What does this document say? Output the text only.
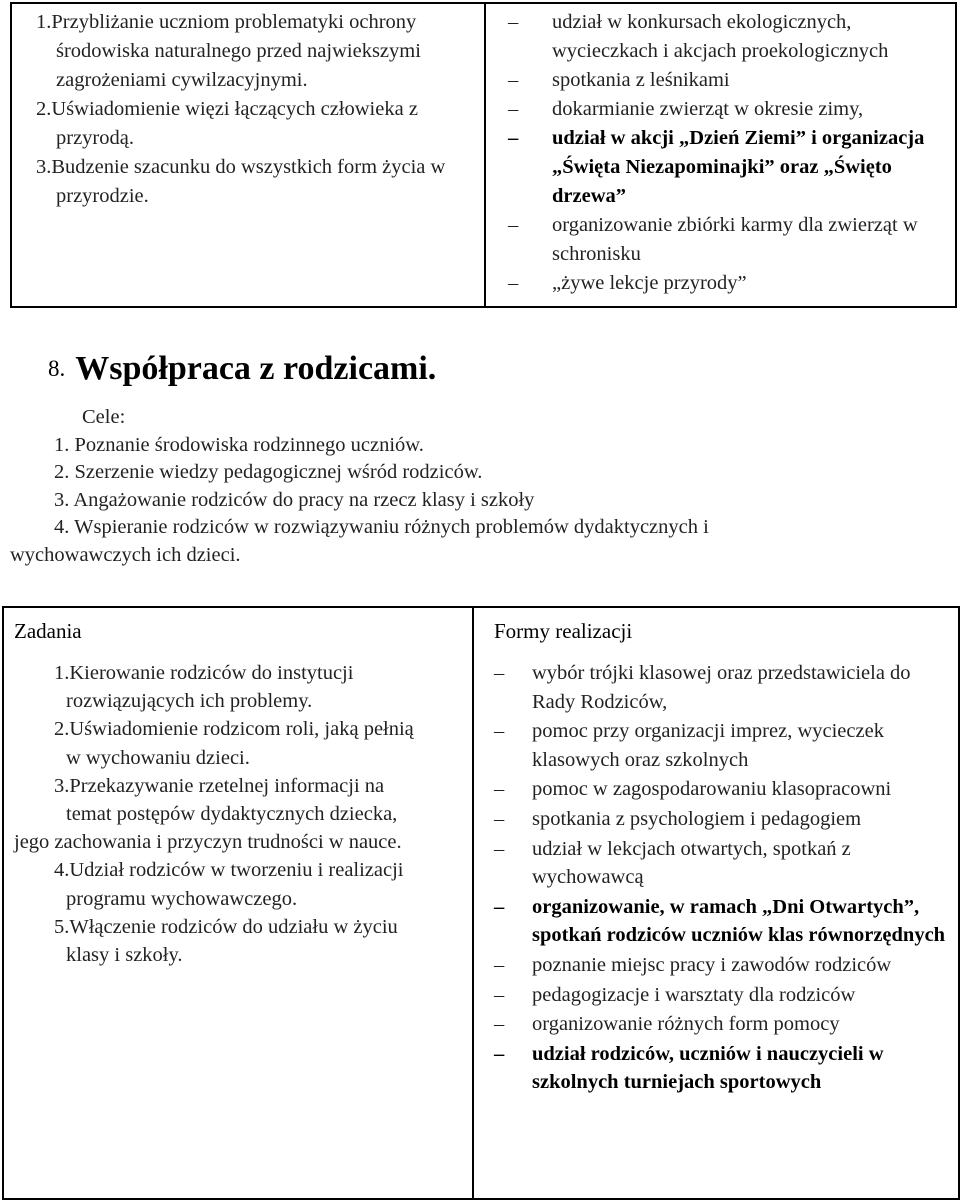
1.Przybliżanie uczniom problematyki ochrony środowiska naturalnego przed najwiekszymi zagrożeniami cywilzacyjnymi.
2.Uświadomienie więzi łączących człowieka z przyrodą.
3.Budzenie szacunku do wszystkich form życia w przyrodzie.

–	udział w konkursach ekologicznych, wycieczkach i akcjach proekologicznych
–	spotkania z leśnikami
–	dokarmianie zwierząt w okresie zimy,
–	udział w akcji „Dzień Ziemi” i organizacja „Święta Niezapominajki” oraz „Święto drzewa”
–	organizowanie zbiórki karmy dla zwierząt w schronisku
–	„żywe lekcje przyrody”
8. Współpraca z rodzicami.
Cele:
1. Poznanie środowiska rodzinnego uczniów.
2. Szerzenie wiedzy pedagogicznej wśród rodziców.
3. Angażowanie rodziców do pracy na rzecz klasy i szkoły
4. Wspieranie rodziców w rozwiązywaniu różnych problemów dydaktycznych i
wychowawczych ich dzieci.
Zadania
1.Kierowanie rodziców do instytucji
rozwiązujących ich problemy.
2.Uświadomienie rodzicom roli, jaką pełnią
w wychowaniu dzieci.
3.Przekazywanie rzetelnej informacji na
temat postępów dydaktycznych dziecka,
jego zachowania i przyczyn trudności w nauce.
4.Udział rodziców w tworzeniu i realizacji
programu wychowawczego.
5.Włączenie rodziców do udziału w życiu
klasy i szkoły.

Formy realizacji
–	wybór trójki klasowej oraz przedstawiciela do Rady Rodziców,
–	pomoc przy organizacji imprez, wycieczek klasowych oraz szkolnych
–	pomoc w zagospodarowaniu klasopracowni
–	spotkania z psychologiem i pedagogiem
–	udział w lekcjach otwartych, spotkań z wychowawcą
–	organizowanie, w ramach „Dni Otwartych”, spotkań rodziców uczniów klas równorzędnych
–	poznanie miejsc pracy i zawodów rodziców
–	pedagogizacje i warsztaty dla rodziców
–	organizowanie różnych form pomocy
–	udział rodziców, uczniów i nauczycieli w szkolnych turniejach sportowych
